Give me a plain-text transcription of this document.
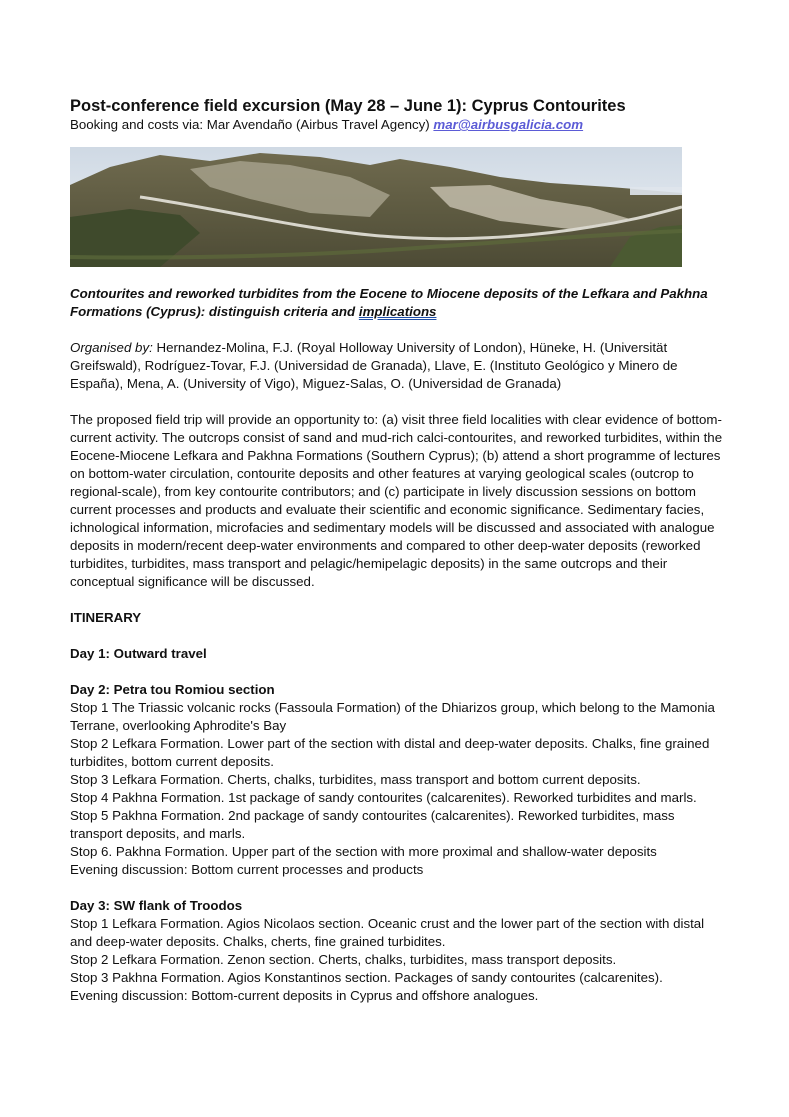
Post-conference field excursion (May 28 – June 1): Cyprus Contourites

Booking and costs via: Mar Avendaño (Airbus Travel Agency) mar@airbusgalicia.com

Contourites and reworked turbidites from the Eocene to Miocene deposits of the Lefkara and Pakhna Formations (Cyprus): distinguish criteria and implications

Organised by: Hernandez-Molina, F.J. (Royal Holloway University of London), Hüneke, H. (Universität Greifswald), Rodríguez-Tovar, F.J. (Universidad de Granada), Llave, E. (Instituto Geológico y Minero de España), Mena, A. (University of Vigo), Miguez-Salas, O. (Universidad de Granada)

The proposed field trip will provide an opportunity to: (a) visit three field localities with clear evidence of bottom-current activity. The outcrops consist of sand and mud-rich calci-contourites, and reworked turbidites, within the Eocene-Miocene Lefkara and Pakhna Formations (Southern Cyprus); (b) attend a short programme of lectures on bottom-water circulation, contourite deposits and other features at varying geological scales (outcrop to regional-scale), from key contourite contributors; and (c) participate in lively discussion sessions on bottom current processes and products and evaluate their scientific and economic significance. Sedimentary facies, ichnological information, microfacies and sedimentary models will be discussed and associated with analogue deposits in modern/recent deep-water environments and compared to other deep-water deposits (reworked turbidites, turbidites, mass transport and pelagic/hemipelagic deposits) in the same outcrops and their conceptual significance will be discussed.

ITINERARY

Day 1: Outward travel

Day 2: Petra tou Romiou section

Stop 1 The Triassic volcanic rocks (Fassoula Formation) of the Dhiarizos group, which belong to the Mamonia Terrane, overlooking Aphrodite's Bay

Stop 2 Lefkara Formation. Lower part of the section with distal and deep-water deposits. Chalks, fine grained turbidites, bottom current deposits.

Stop 3 Lefkara Formation. Cherts, chalks, turbidites, mass transport and bottom current deposits.

Stop 4 Pakhna Formation. 1st package of sandy contourites (calcarenites). Reworked turbidites and marls.

Stop 5 Pakhna Formation. 2nd package of sandy contourites (calcarenites). Reworked turbidites, mass transport deposits, and marls.

Stop 6. Pakhna Formation. Upper part of the section with more proximal and shallow-water deposits

Evening discussion: Bottom current processes and products

Day 3: SW flank of Troodos

Stop 1 Lefkara Formation. Agios Nicolaos section. Oceanic crust and the lower part of the section with distal and deep-water deposits. Chalks, cherts, fine grained turbidites.

Stop 2 Lefkara Formation. Zenon section. Cherts, chalks, turbidites, mass transport deposits.

Stop 3 Pakhna Formation. Agios Konstantinos section. Packages of sandy contourites (calcarenites).

Evening discussion: Bottom-current deposits in Cyprus and offshore analogues.
